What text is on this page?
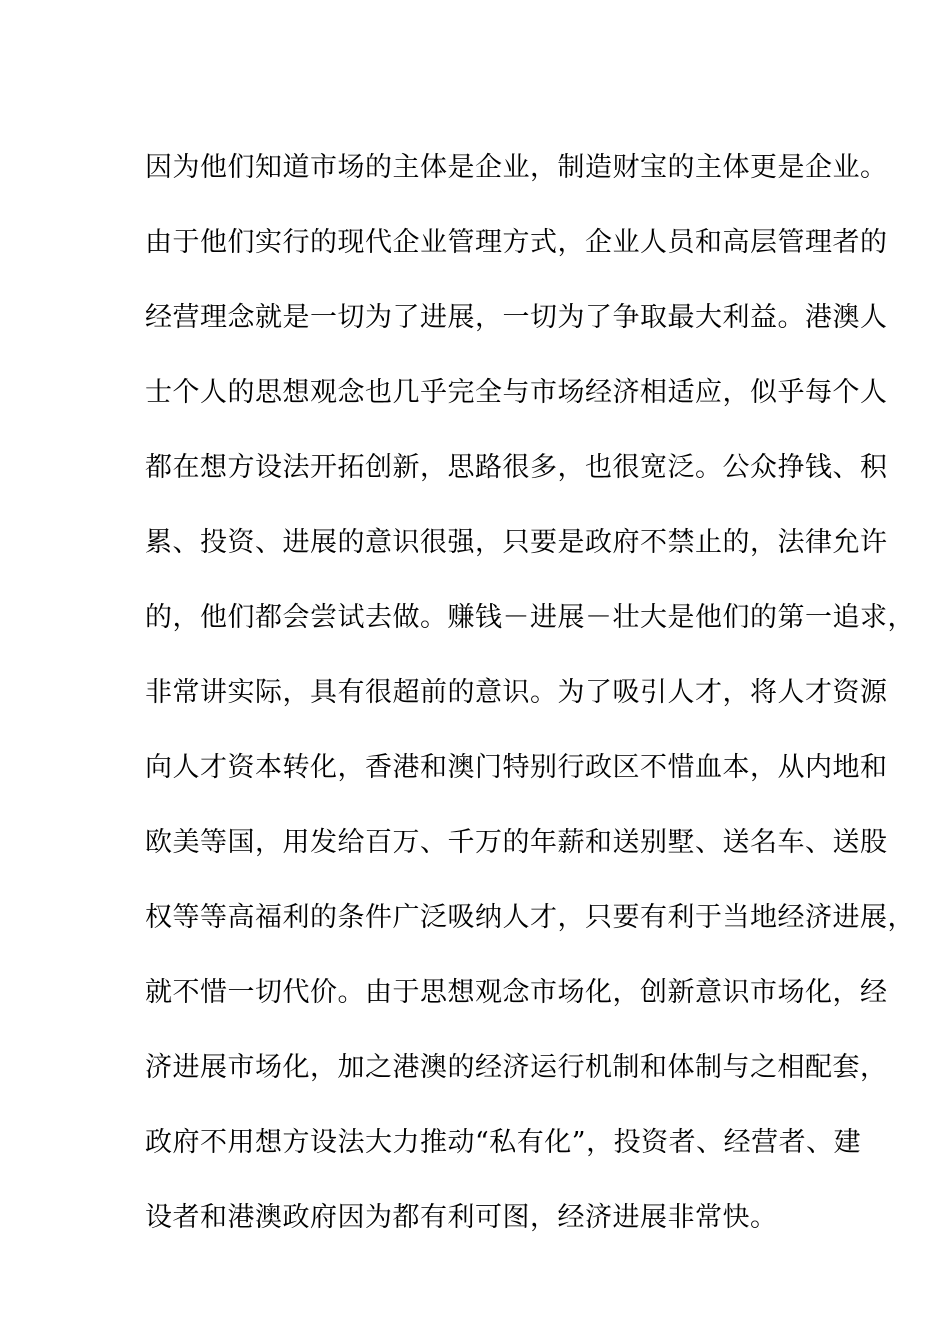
因为他们知道市场的主体是企业，制造财宝的主体更是企业。
由于他们实行的现代企业管理方式，企业人员和高层管理者的
经营理念就是一切为了进展，一切为了争取最大利益。港澳人
士个人的思想观念也几乎完全与市场经济相适应，似乎每个人
都在想方设法开拓创新，思路很多，也很宽泛。公众挣钱、积
累、投资、进展的意识很强，只要是政府不禁止的，法律允许
的，他们都会尝试去做。赚钱－进展－壮大是他们的第一追求，
非常讲实际，具有很超前的意识。为了吸引人才，将人才资源
向人才资本转化，香港和澳门特别行政区不惜血本，从内地和
欧美等国，用发给百万、千万的年薪和送别墅、送名车、送股
权等等高福利的条件广泛吸纳人才，只要有利于当地经济进展，
就不惜一切代价。由于思想观念市场化，创新意识市场化，经
济进展市场化，加之港澳的经济运行机制和体制与之相配套，
政府不用想方设法大力推动“私有化”，投资者、经营者、建
设者和港澳政府因为都有利可图，经济进展非常快。
